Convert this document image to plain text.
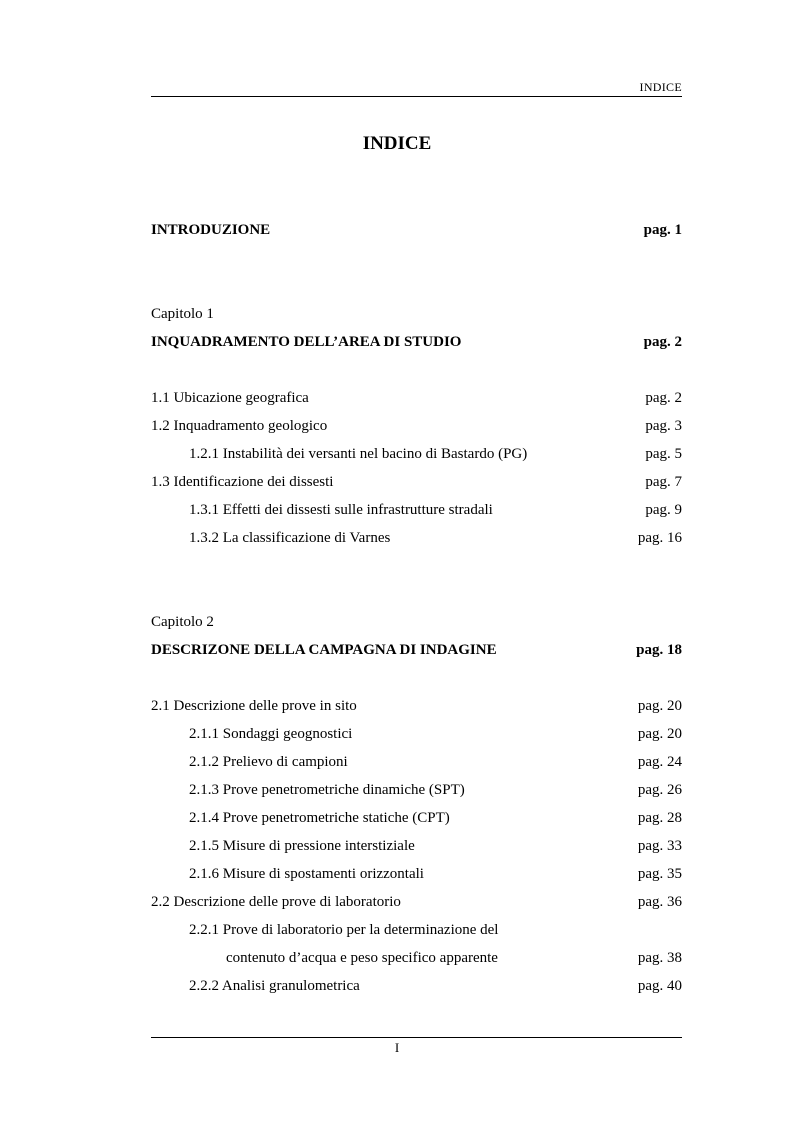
INDICE
INDICE
INTRODUZIONE	pag. 1
Capitolo 1
INQUADRAMENTO DELL’AREA DI STUDIO	pag. 2
1.1 Ubicazione geografica	pag. 2
1.2 Inquadramento geologico	pag. 3
1.2.1 Instabilità dei versanti nel bacino di Bastardo (PG)	pag. 5
1.3 Identificazione dei dissesti	pag. 7
1.3.1 Effetti dei dissesti sulle infrastrutture stradali	pag. 9
1.3.2 La classificazione di Varnes	pag. 16
Capitolo 2
DESCRIZONE DELLA CAMPAGNA DI INDAGINE	pag. 18
2.1 Descrizione delle prove in sito	pag. 20
2.1.1 Sondaggi geognostici	pag. 20
2.1.2 Prelievo di campioni	pag. 24
2.1.3 Prove penetrometriche dinamiche (SPT)	pag. 26
2.1.4 Prove penetrometriche statiche (CPT)	pag. 28
2.1.5 Misure di pressione interstiziale	pag. 33
2.1.6 Misure di spostamenti orizzontali	pag. 35
2.2 Descrizione delle prove di laboratorio	pag. 36
2.2.1 Prove di laboratorio per la determinazione del
contenuto d’acqua e peso specifico apparente	pag. 38
2.2.2 Analisi granulometrica	pag. 40
I
